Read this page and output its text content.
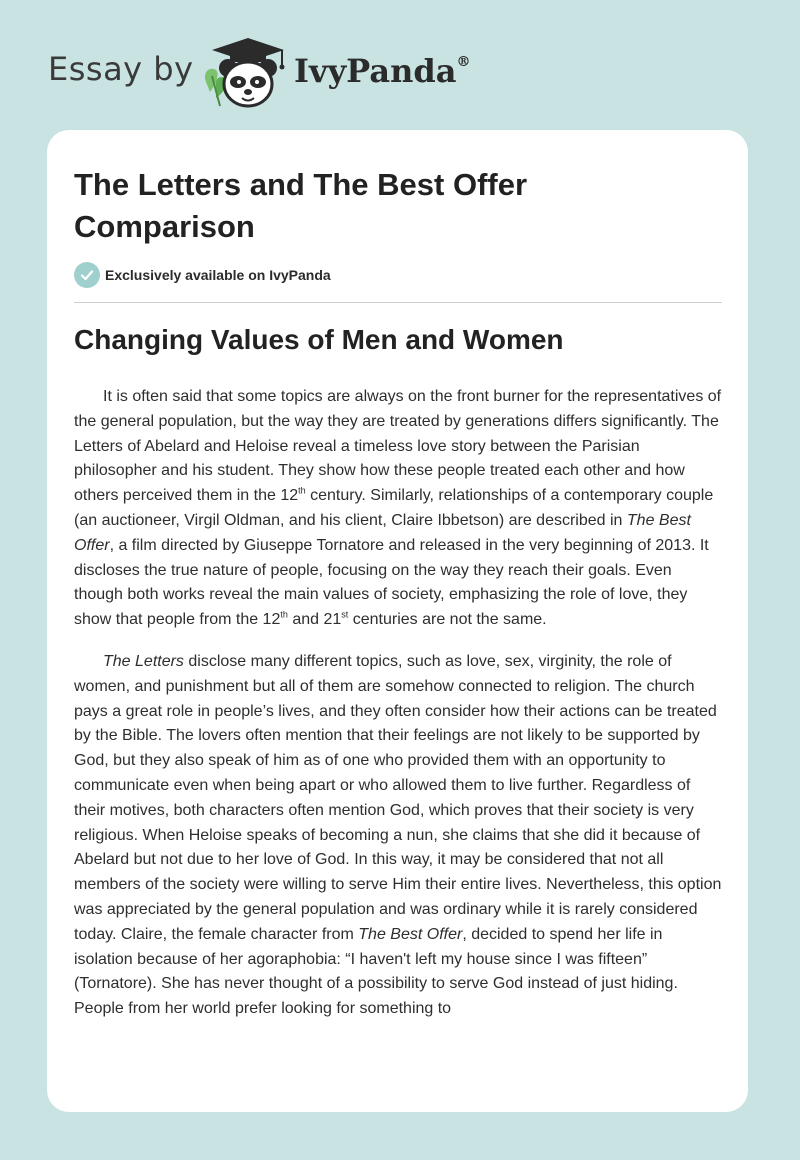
Essay by	IvyPanda®
The Letters and The Best Offer Comparison
Exclusively available on IvyPanda
Changing Values of Men and Women

It is often said that some topics are always on the front burner for the representatives of the general population, but the way they are treated by generations differs significantly. The Letters of Abelard and Heloise reveal a timeless love story between the Parisian philosopher and his student. They show how these people treated each other and how others perceived them in the 12th century. Similarly, relationships of a contemporary couple (an auctioneer, Virgil Oldman, and his client, Claire Ibbetson) are described in The Best Offer, a film directed by Giuseppe Tornatore and released in the very beginning of 2013. It discloses the true nature of people, focusing on the way they reach their goals. Even though both works reveal the main values of society, emphasizing the role of love, they show that people from the 12th and 21st centuries are not the same.

The Letters disclose many different topics, such as love, sex, virginity, the role of women, and punishment but all of them are somehow connected to religion. The church pays a great role in people’s lives, and they often consider how their actions can be treated by the Bible. The lovers often mention that their feelings are not likely to be supported by God, but they also speak of him as of one who provided them with an opportunity to communicate even when being apart or who allowed them to live further. Regardless of their motives, both characters often mention God, which proves that their society is very religious. When Heloise speaks of becoming a nun, she claims that she did it because of Abelard but not due to her love of God. In this way, it may be considered that not all members of the society were willing to serve Him their entire lives. Nevertheless, this option was appreciated by the general population and was ordinary while it is rarely considered today. Claire, the female character from The Best Offer, decided to spend her life in isolation because of her agoraphobia: “I haven't left my house since I was fifteen” (Tornatore). She has never thought of a possibility to serve God instead of just hiding. People from her world prefer looking for something to
